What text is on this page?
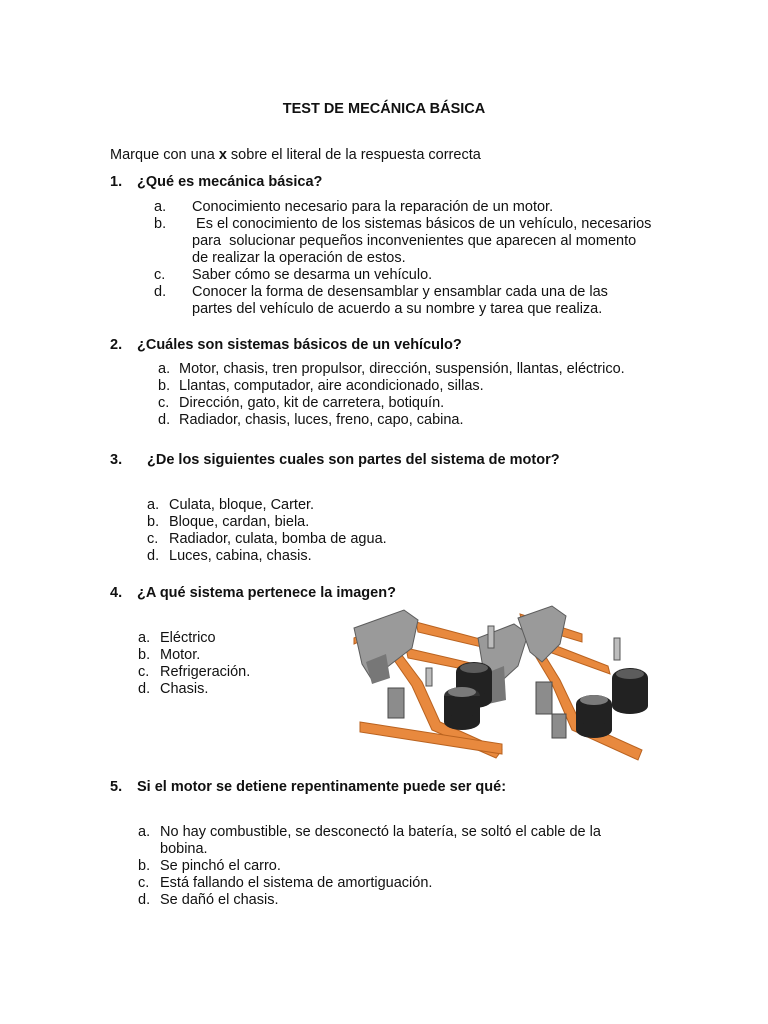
TEST DE MECÁNICA BÁSICA
Marque con una x sobre el literal de la respuesta correcta
1. ¿Qué es mecánica básica?
a.	Conocimiento necesario para la reparación de un motor.
b.	Es el conocimiento de los sistemas básicos de un vehículo, necesarios para  solucionar pequeños inconvenientes que aparecen al momento de realizar la operación de estos.
c.	Saber cómo se desarma un vehículo.
d.	Conocer la forma de desensamblar y ensamblar cada una de las partes del vehículo de acuerdo a su nombre y tarea que realiza.
2. ¿Cuáles son sistemas básicos de un vehículo?
a. Motor, chasis, tren propulsor, dirección, suspensión, llantas, eléctrico.
b. Llantas, computador, aire acondicionado, sillas.
c. Dirección, gato, kit de carretera, botiquín.
d. Radiador, chasis, luces, freno, capo, cabina.
3. ¿De los siguientes cuales son partes del sistema de motor?
a. Culata, bloque, Carter.
b. Bloque, cardan, biela.
c. Radiador, culata, bomba de agua.
d. Luces, cabina, chasis.
4. ¿A qué sistema pertenece la imagen?
a. Eléctrico
b. Motor.
c. Refrigeración.
d. Chasis.
5. Si el motor se detiene repentinamente puede ser qué:
a. No hay combustible, se desconectó la batería, se soltó el cable de la bobina.
b. Se pinchó el carro.
c. Está fallando el sistema de amortiguación.
d. Se dañó el chasis.
